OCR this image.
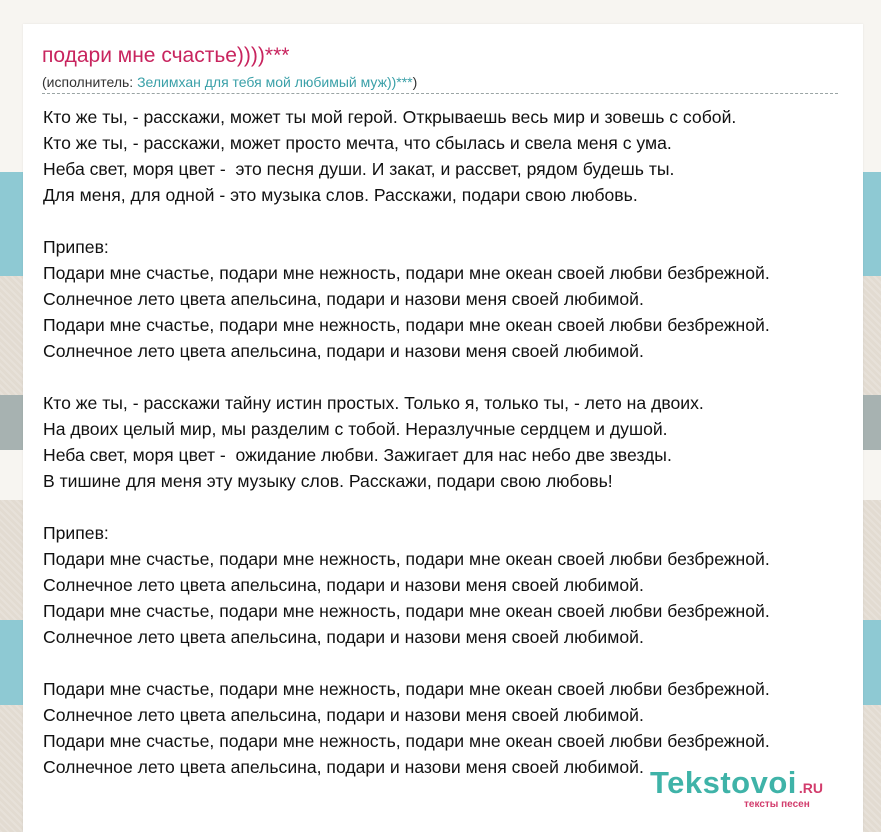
подари мне счастье))))***
(исполнитель: Зелимхан для тебя мой любимый муж))***)
Кто же ты, - расскажи, может ты мой герой. Открываешь весь мир и зовешь с собой.
Кто же ты, - расскажи, может просто мечта, что сбылась и свела меня с ума.
Неба свет, моря цвет -  это песня души. И закат, и рассвет, рядом будешь ты.
Для меня, для одной - это музыка слов. Расскажи, подари свою любовь.
Припев:
Подари мне счастье, подари мне нежность, подари мне океан своей любви безбрежной.
Солнечное лето цвета апельсина, подари и назови меня своей любимой.
Подари мне счастье, подари мне нежность, подари мне океан своей любви безбрежной.
Солнечное лето цвета апельсина, подари и назови меня своей любимой.
Кто же ты, - расскажи тайну истин простых. Только я, только ты, - лето на двоих.
На двоих целый мир, мы разделим с тобой. Неразлучные сердцем и душой.
Неба свет, моря цвет -  ожидание любви. Зажигает для нас небо две звезды.
В тишине для меня эту музыку слов. Расскажи, подари свою любовь!
Припев:
Подари мне счастье, подари мне нежность, подари мне океан своей любви безбрежной.
Солнечное лето цвета апельсина, подари и назови меня своей любимой.
Подари мне счастье, подари мне нежность, подари мне океан своей любви безбрежной.
Солнечное лето цвета апельсина, подари и назови меня своей любимой.
Подари мне счастье, подари мне нежность, подари мне океан своей любви безбрежной.
Солнечное лето цвета апельсина, подари и назови меня своей любимой.
Подари мне счастье, подари мне нежность, подари мне океан своей любви безбрежной.
Солнечное лето цвета апельсина, подари и назови меня своей любимой. Tekstovoi .RU
тексты песен
